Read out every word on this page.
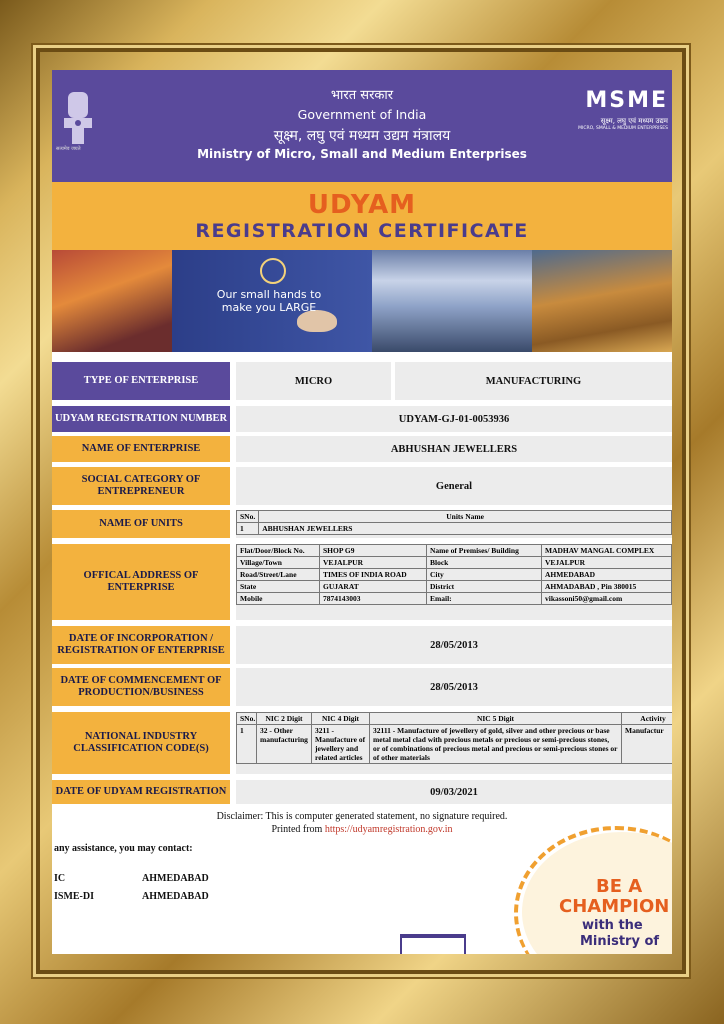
सत्यमेव जयते
भारत सरकार
Government of India
सूक्ष्म, लघु एवं मध्यम उद्यम मंत्रालय
Ministry of Micro, Small and Medium Enterprises
MSME
सूक्ष्म, लघु एवं मध्यम उद्यम
MICRO, SMALL & MEDIUM ENTERPRISES
UDYAM
REGISTRATION CERTIFICATE
Our small hands to
make you LARGE
TYPE OF ENTERPRISE	MICRO	MANUFACTURING
UDYAM REGISTRATION NUMBER	UDYAM-GJ-01-0053936
NAME OF ENTERPRISE	ABHUSHAN JEWELLERS
SOCIAL CATEGORY OF ENTREPRENEUR	General
NAME OF UNITS
SNo.	Units Name
1	ABHUSHAN JEWELLERS
OFFICAL ADDRESS OF ENTERPRISE
Flat/Door/Block No.	SHOP G9	Name of Premises/ Building	MADHAV MANGAL COMPLEX
Village/Town	VEJALPUR	Block	VEJALPUR
Road/Street/Lane	TIMES OF INDIA ROAD	City	AHMEDABAD
State	GUJARAT	District	AHMADABAD , Pin 380015
Mobile	7874143003	Email:	vikassoni50@gmail.com
DATE OF INCORPORATION / REGISTRATION OF ENTERPRISE	28/05/2013
DATE OF COMMENCEMENT OF PRODUCTION/BUSINESS	28/05/2013
NATIONAL INDUSTRY CLASSIFICATION CODE(S)
SNo.	NIC 2 Digit	NIC 4 Digit	NIC 5 Digit	Activity
1	32 - Other manufacturing	3211 - Manufacture of jewellery and related articles	32111 - Manufacture of jewellery of gold, silver and other precious or base metal metal clad with precious metals or precious or semi-precious stones, or of combinations of precious metal and precious or semi-precious stones or of other materials	Manufactur
DATE OF UDYAM REGISTRATION	09/03/2021
Disclaimer: This is computer generated statement, no signature required.
Printed from https://udyamregistration.gov.in
any assistance, you may contact:
IC	AHMEDABAD
ISME-DI	AHMEDABAD	BE A
CHAMPION
with the
Ministry of
